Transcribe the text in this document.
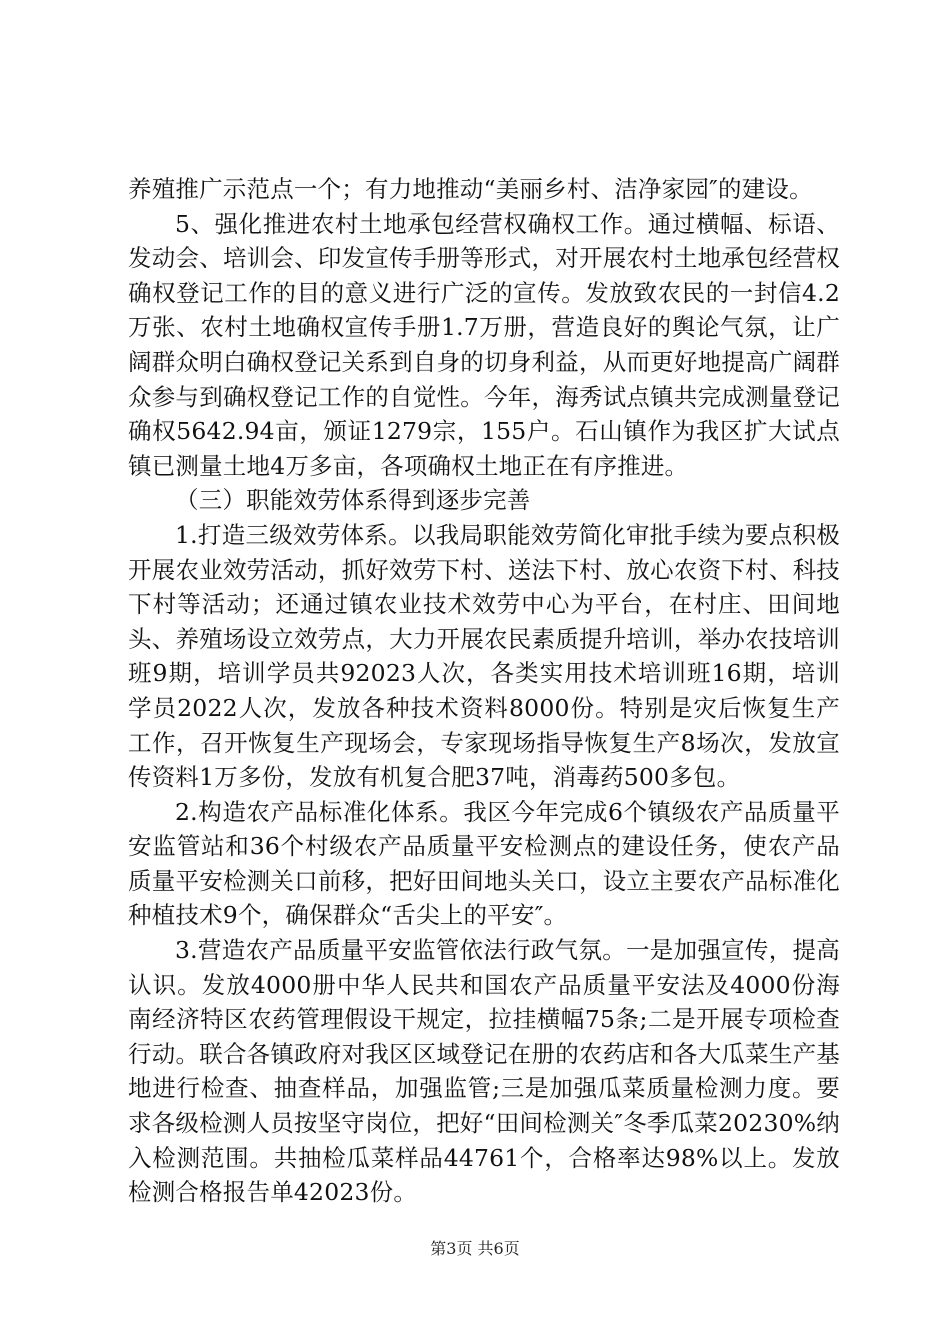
养殖推广示范点一个；有力地推动“美丽乡村、洁净家园″的建设。

5、强化推进农村土地承包经营权确权工作。通过横幅、标语、发动会、培训会、印发宣传手册等形式，对开展农村土地承包经营权确权登记工作的目的意义进行广泛的宣传。发放致农民的一封信4.2万张、农村土地确权宣传手册1.7万册，营造良好的舆论气氛，让广阔群众明白确权登记关系到自身的切身利益，从而更好地提高广阔群众参与到确权登记工作的自觉性。今年，海秀试点镇共完成测量登记确权5642.94亩，颁证1279宗，155户。石山镇作为我区扩大试点镇已测量土地4万多亩，各项确权土地正在有序推进。

（三）职能效劳体系得到逐步完善

1.打造三级效劳体系。以我局职能效劳简化审批手续为要点积极开展农业效劳活动，抓好效劳下村、送法下村、放心农资下村、科技下村等活动；还通过镇农业技术效劳中心为平台，在村庄、田间地头、养殖场设立效劳点，大力开展农民素质提升培训，举办农技培训班9期，培训学员共92023人次，各类实用技术培训班16期，培训学员2022人次，发放各种技术资料8000份。特别是灾后恢复生产工作，召开恢复生产现场会，专家现场指导恢复生产8场次，发放宣传资料1万多份，发放有机复合肥37吨，消毒药500多包。

2.构造农产品标准化体系。我区今年完成6个镇级农产品质量平安监管站和36个村级农产品质量平安检测点的建设任务，使农产品质量平安检测关口前移，把好田间地头关口，设立主要农产品标准化种植技术9个，确保群众“舌尖上的平安″。

3.营造农产品质量平安监管依法行政气氛。一是加强宣传，提高认识。发放4000册中华人民共和国农产品质量平安法及4000份海南经济特区农药管理假设干规定，拉挂横幅75条;二是开展专项检查行动。联合各镇政府对我区区域登记在册的农药店和各大瓜菜生产基地进行检查、抽查样品，加强监管;三是加强瓜菜质量检测力度。要求各级检测人员按坚守岗位，把好“田间检测关″冬季瓜菜20230%纳入检测范围。共抽检瓜菜样品44761个，合格率达98%以上。发放检测合格报告单42023份。

第3页 共6页
